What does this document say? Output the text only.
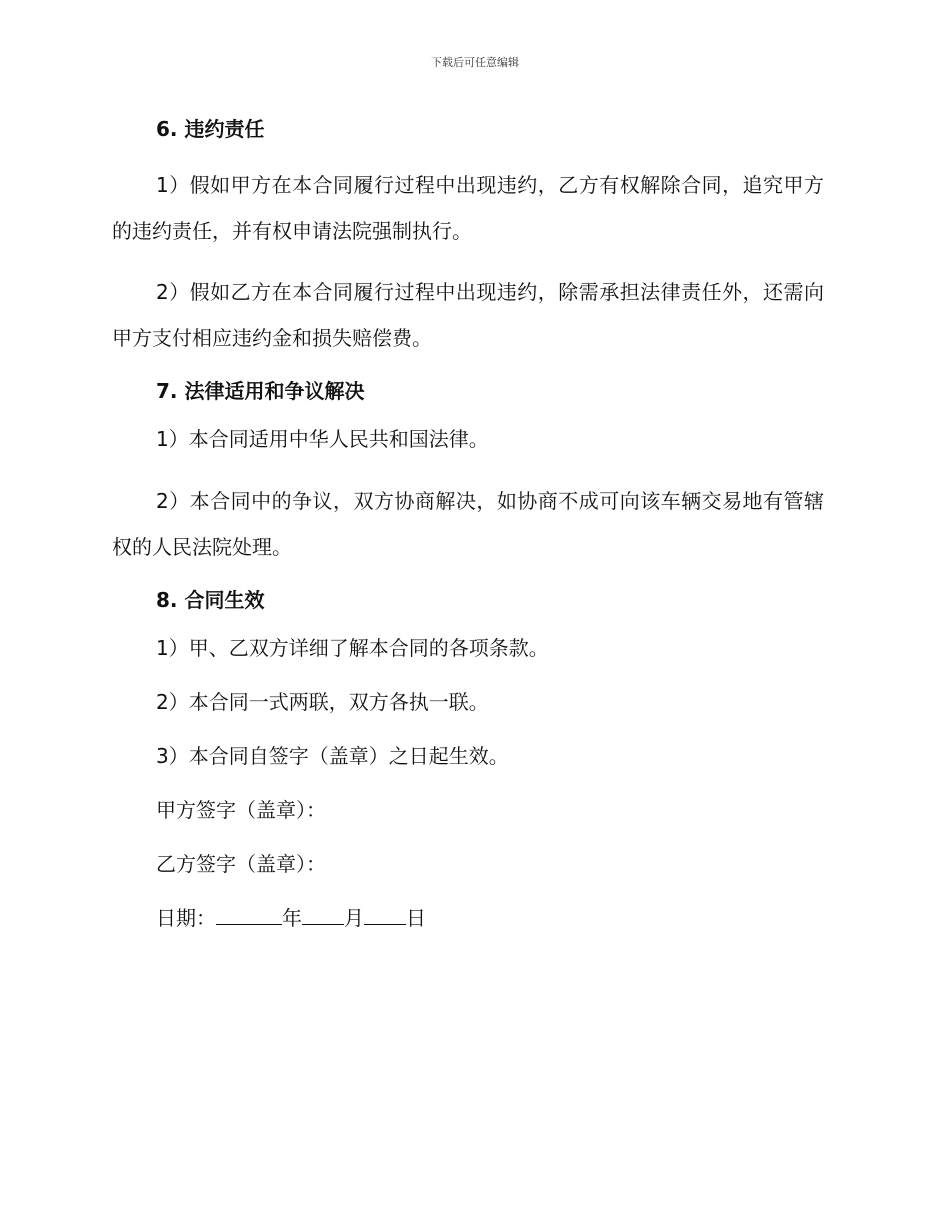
下载后可任意编辑
6. 违约责任

1）假如甲方在本合同履行过程中出现违约，乙方有权解除合同，追究甲方的违约责任，并有权申请法院强制执行。

2）假如乙方在本合同履行过程中出现违约，除需承担法律责任外，还需向甲方支付相应违约金和损失赔偿费。

7. 法律适用和争议解决

1）本合同适用中华人民共和国法律。

2）本合同中的争议，双方协商解决，如协商不成可向该车辆交易地有管辖权的人民法院处理。

8. 合同生效

1）甲、乙双方详细了解本合同的各项条款。

2）本合同一式两联，双方各执一联。

3）本合同自签字（盖章）之日起生效。

甲方签字（盖章）：
乙方签字（盖章）：
日期：	年 月 日
